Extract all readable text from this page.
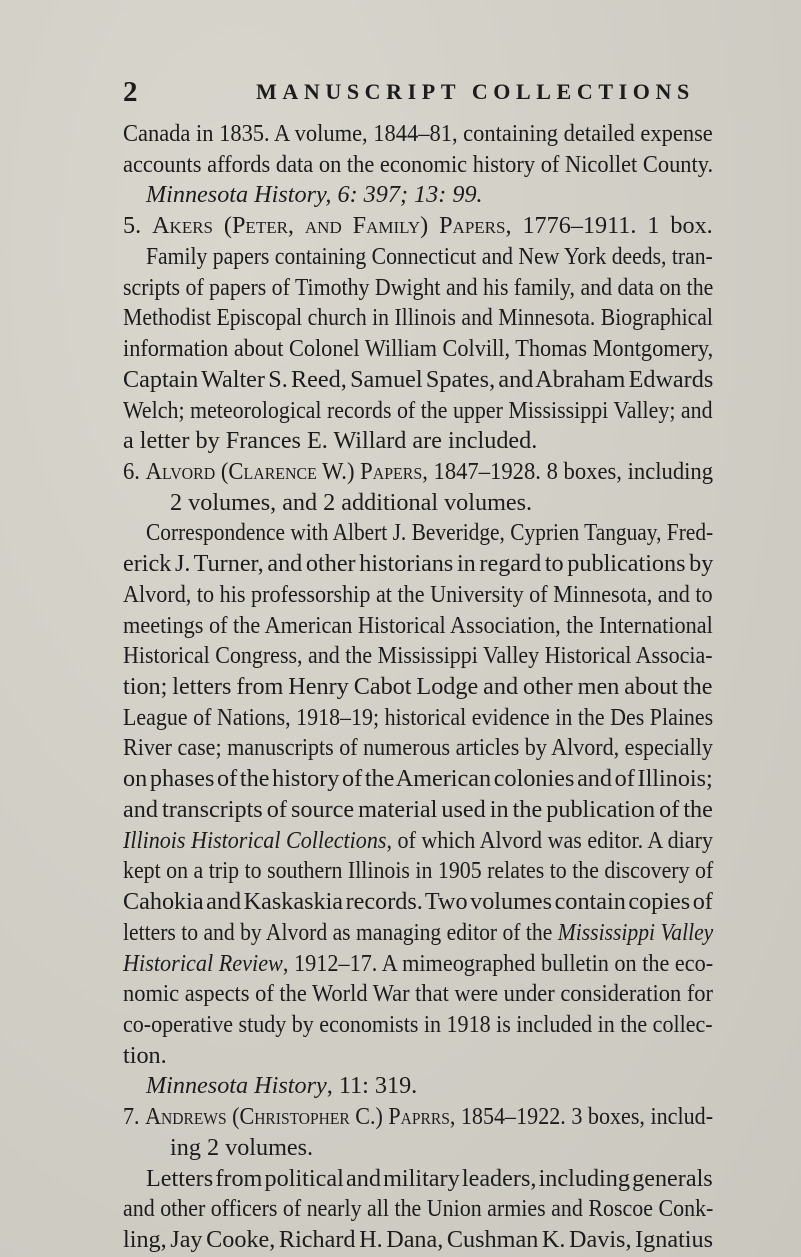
2	MANUSCRIPT COLLECTIONS
Canada in 1835. A volume, 1844–81, containing detailed expense
accounts affords data on the economic history of Nicollet County.
Minnesota History, 6: 397; 13: 99.
5. Akers (Peter, and Family) Papers, 1776–1911. 1 box.
Family papers containing Connecticut and New York deeds, tran-
scripts of papers of Timothy Dwight and his family, and data on the
Methodist Episcopal church in Illinois and Minnesota. Biographical
information about Colonel William Colvill, Thomas Montgomery,
Captain Walter S. Reed, Samuel Spates, and Abraham Edwards
Welch; meteorological records of the upper Mississippi Valley; and
a letter by Frances E. Willard are included.
6. Alvord (Clarence W.) Papers, 1847–1928. 8 boxes, including
2 volumes, and 2 additional volumes.
Correspondence with Albert J. Beveridge, Cyprien Tanguay, Fred-
erick J. Turner, and other historians in regard to publications by
Alvord, to his professorship at the University of Minnesota, and to
meetings of the American Historical Association, the International
Historical Congress, and the Mississippi Valley Historical Associa-
tion; letters from Henry Cabot Lodge and other men about the
League of Nations, 1918–19; historical evidence in the Des Plaines
River case; manuscripts of numerous articles by Alvord, especially
on phases of the history of the American colonies and of Illinois;
and transcripts of source material used in the publication of the
Illinois Historical Collections, of which Alvord was editor. A diary
kept on a trip to southern Illinois in 1905 relates to the discovery of
Cahokia and Kaskaskia records. Two volumes contain copies of
letters to and by Alvord as managing editor of the Mississippi Valley
Historical Review, 1912–17. A mimeographed bulletin on the eco-
nomic aspects of the World War that were under consideration for
co-operative study by economists in 1918 is included in the collec-
tion.
Minnesota History, 11: 319.
7. Andrews (Christopher C.) Paprrs, 1854–1922. 3 boxes, includ-
ing 2 volumes.
Letters from political and military leaders, including generals
and other officers of nearly all the Union armies and Roscoe Conk-
ling, Jay Cooke, Richard H. Dana, Cushman K. Davis, Ignatius
